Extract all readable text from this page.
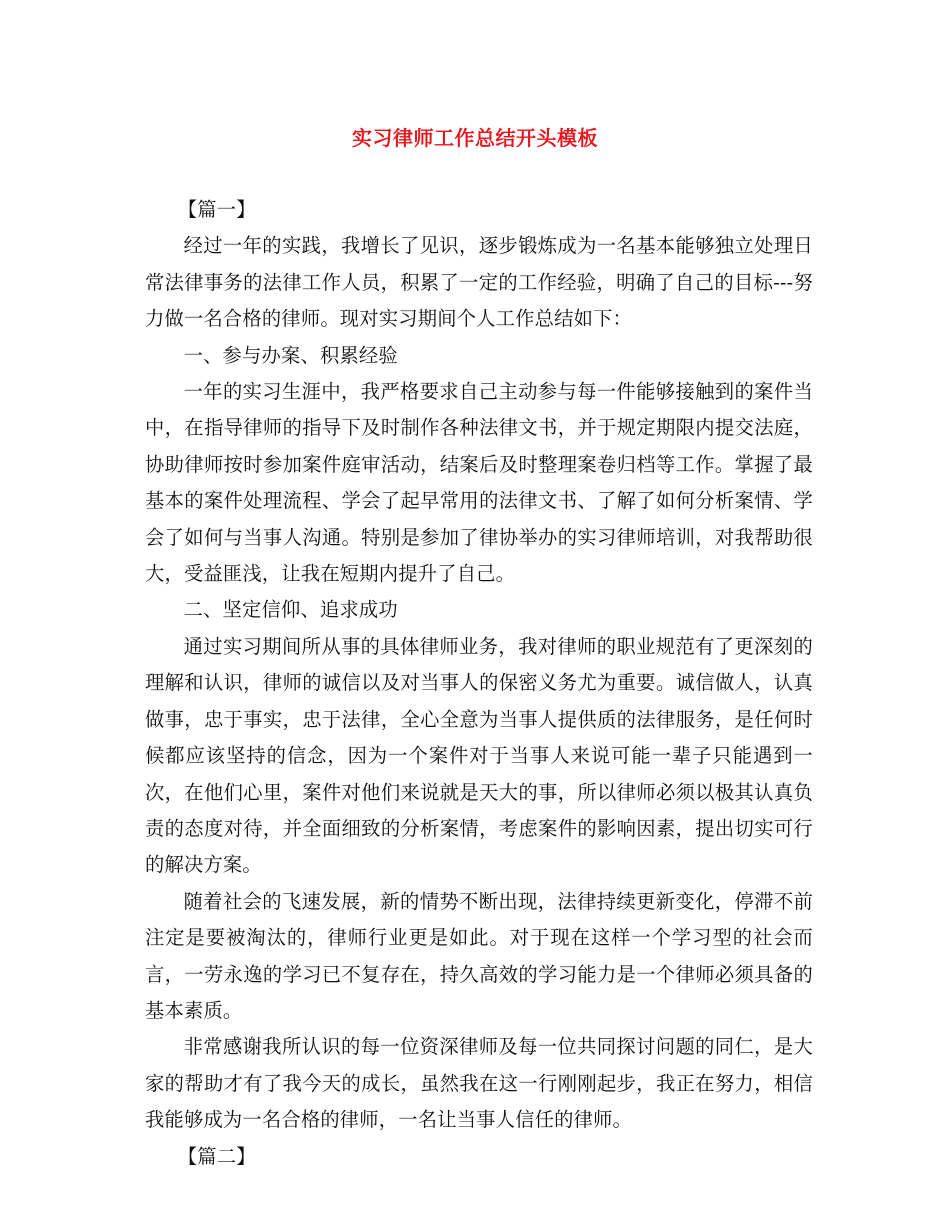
实习律师工作总结开头模板

【篇一】

经过一年的实践，我增长了见识，逐步锻炼成为一名基本能够独立处理日常法律事务的法律工作人员，积累了一定的工作经验，明确了自己的目标---努力做一名合格的律师。现对实习期间个人工作总结如下：

一、参与办案、积累经验

一年的实习生涯中，我严格要求自己主动参与每一件能够接触到的案件当中，在指导律师的指导下及时制作各种法律文书，并于规定期限内提交法庭，协助律师按时参加案件庭审活动，结案后及时整理案卷归档等工作。掌握了最基本的案件处理流程、学会了起早常用的法律文书、了解了如何分析案情、学会了如何与当事人沟通。特别是参加了律协举办的实习律师培训，对我帮助很大，受益匪浅，让我在短期内提升了自己。

二、坚定信仰、追求成功

通过实习期间所从事的具体律师业务，我对律师的职业规范有了更深刻的理解和认识，律师的诚信以及对当事人的保密义务尤为重要。诚信做人，认真做事，忠于事实，忠于法律，全心全意为当事人提供质的法律服务，是任何时候都应该坚持的信念，因为一个案件对于当事人来说可能一辈子只能遇到一次，在他们心里，案件对他们来说就是天大的事，所以律师必须以极其认真负责的态度对待，并全面细致的分析案情，考虑案件的影响因素，提出切实可行的解决方案。

随着社会的飞速发展，新的情势不断出现，法律持续更新变化，停滞不前注定是要被淘汰的，律师行业更是如此。对于现在这样一个学习型的社会而言，一劳永逸的学习已不复存在，持久高效的学习能力是一个律师必须具备的基本素质。

非常感谢我所认识的每一位资深律师及每一位共同探讨问题的同仁，是大家的帮助才有了我今天的成长，虽然我在这一行刚刚起步，我正在努力，相信我能够成为一名合格的律师，一名让当事人信任的律师。

【篇二】
